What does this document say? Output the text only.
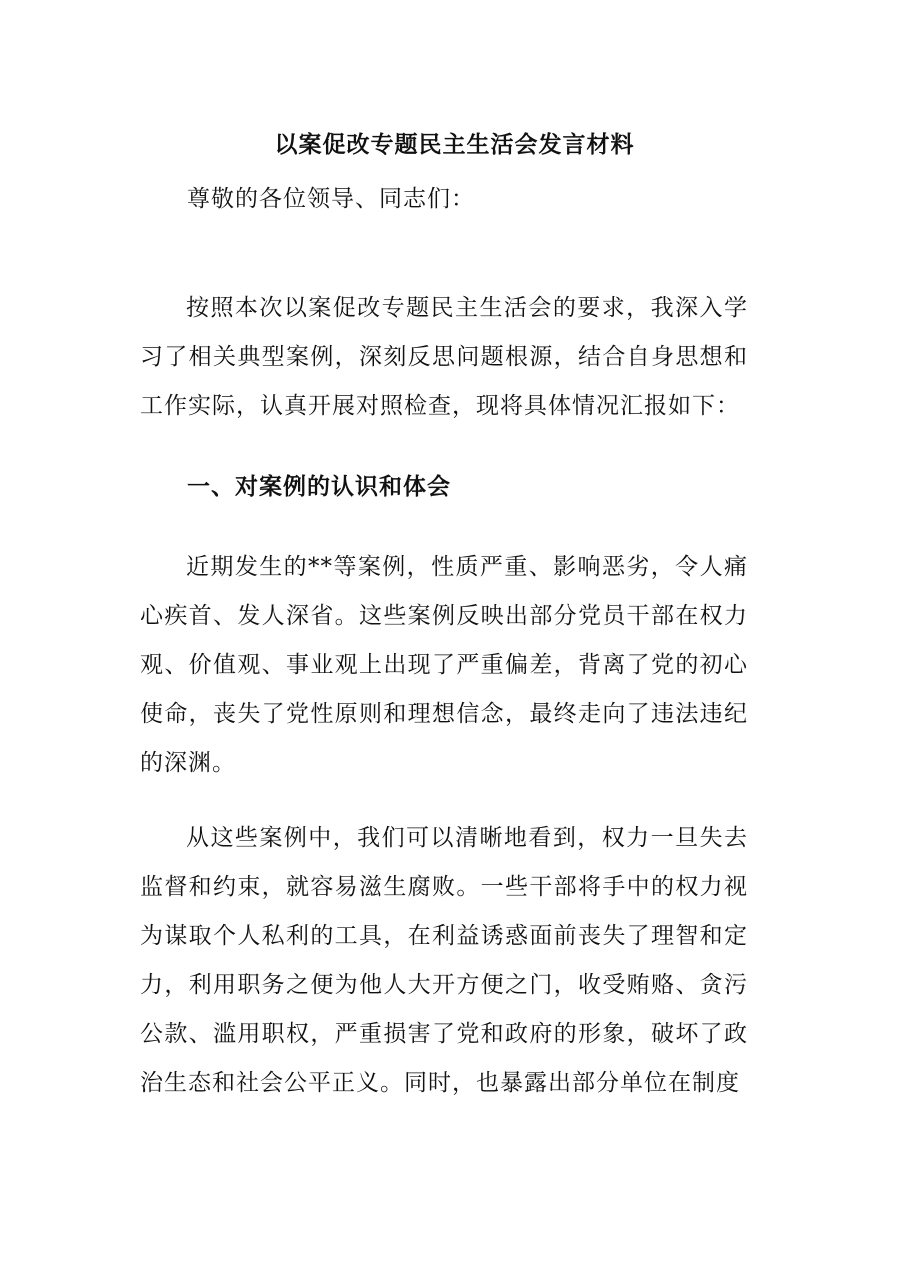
以案促改专题民主生活会发言材料
尊敬的各位领导、同志们：

按照本次以案促改专题民主生活会的要求，我深入学习了相关典型案例，深刻反思问题根源，结合自身思想和工作实际，认真开展对照检查，现将具体情况汇报如下：

一、对案例的认识和体会

近期发生的**等案例，性质严重、影响恶劣，令人痛心疾首、发人深省。这些案例反映出部分党员干部在权力观、价值观、事业观上出现了严重偏差，背离了党的初心使命，丧失了党性原则和理想信念，最终走向了违法违纪的深渊。

从这些案例中，我们可以清晰地看到，权力一旦失去监督和约束，就容易滋生腐败。一些干部将手中的权力视为谋取个人私利的工具，在利益诱惑面前丧失了理智和定力，利用职务之便为他人大开方便之门，收受贿赂、贪污公款、滥用职权，严重损害了党和政府的形象，破坏了政治生态和社会公平正义。同时，也暴露出部分单位在制度
